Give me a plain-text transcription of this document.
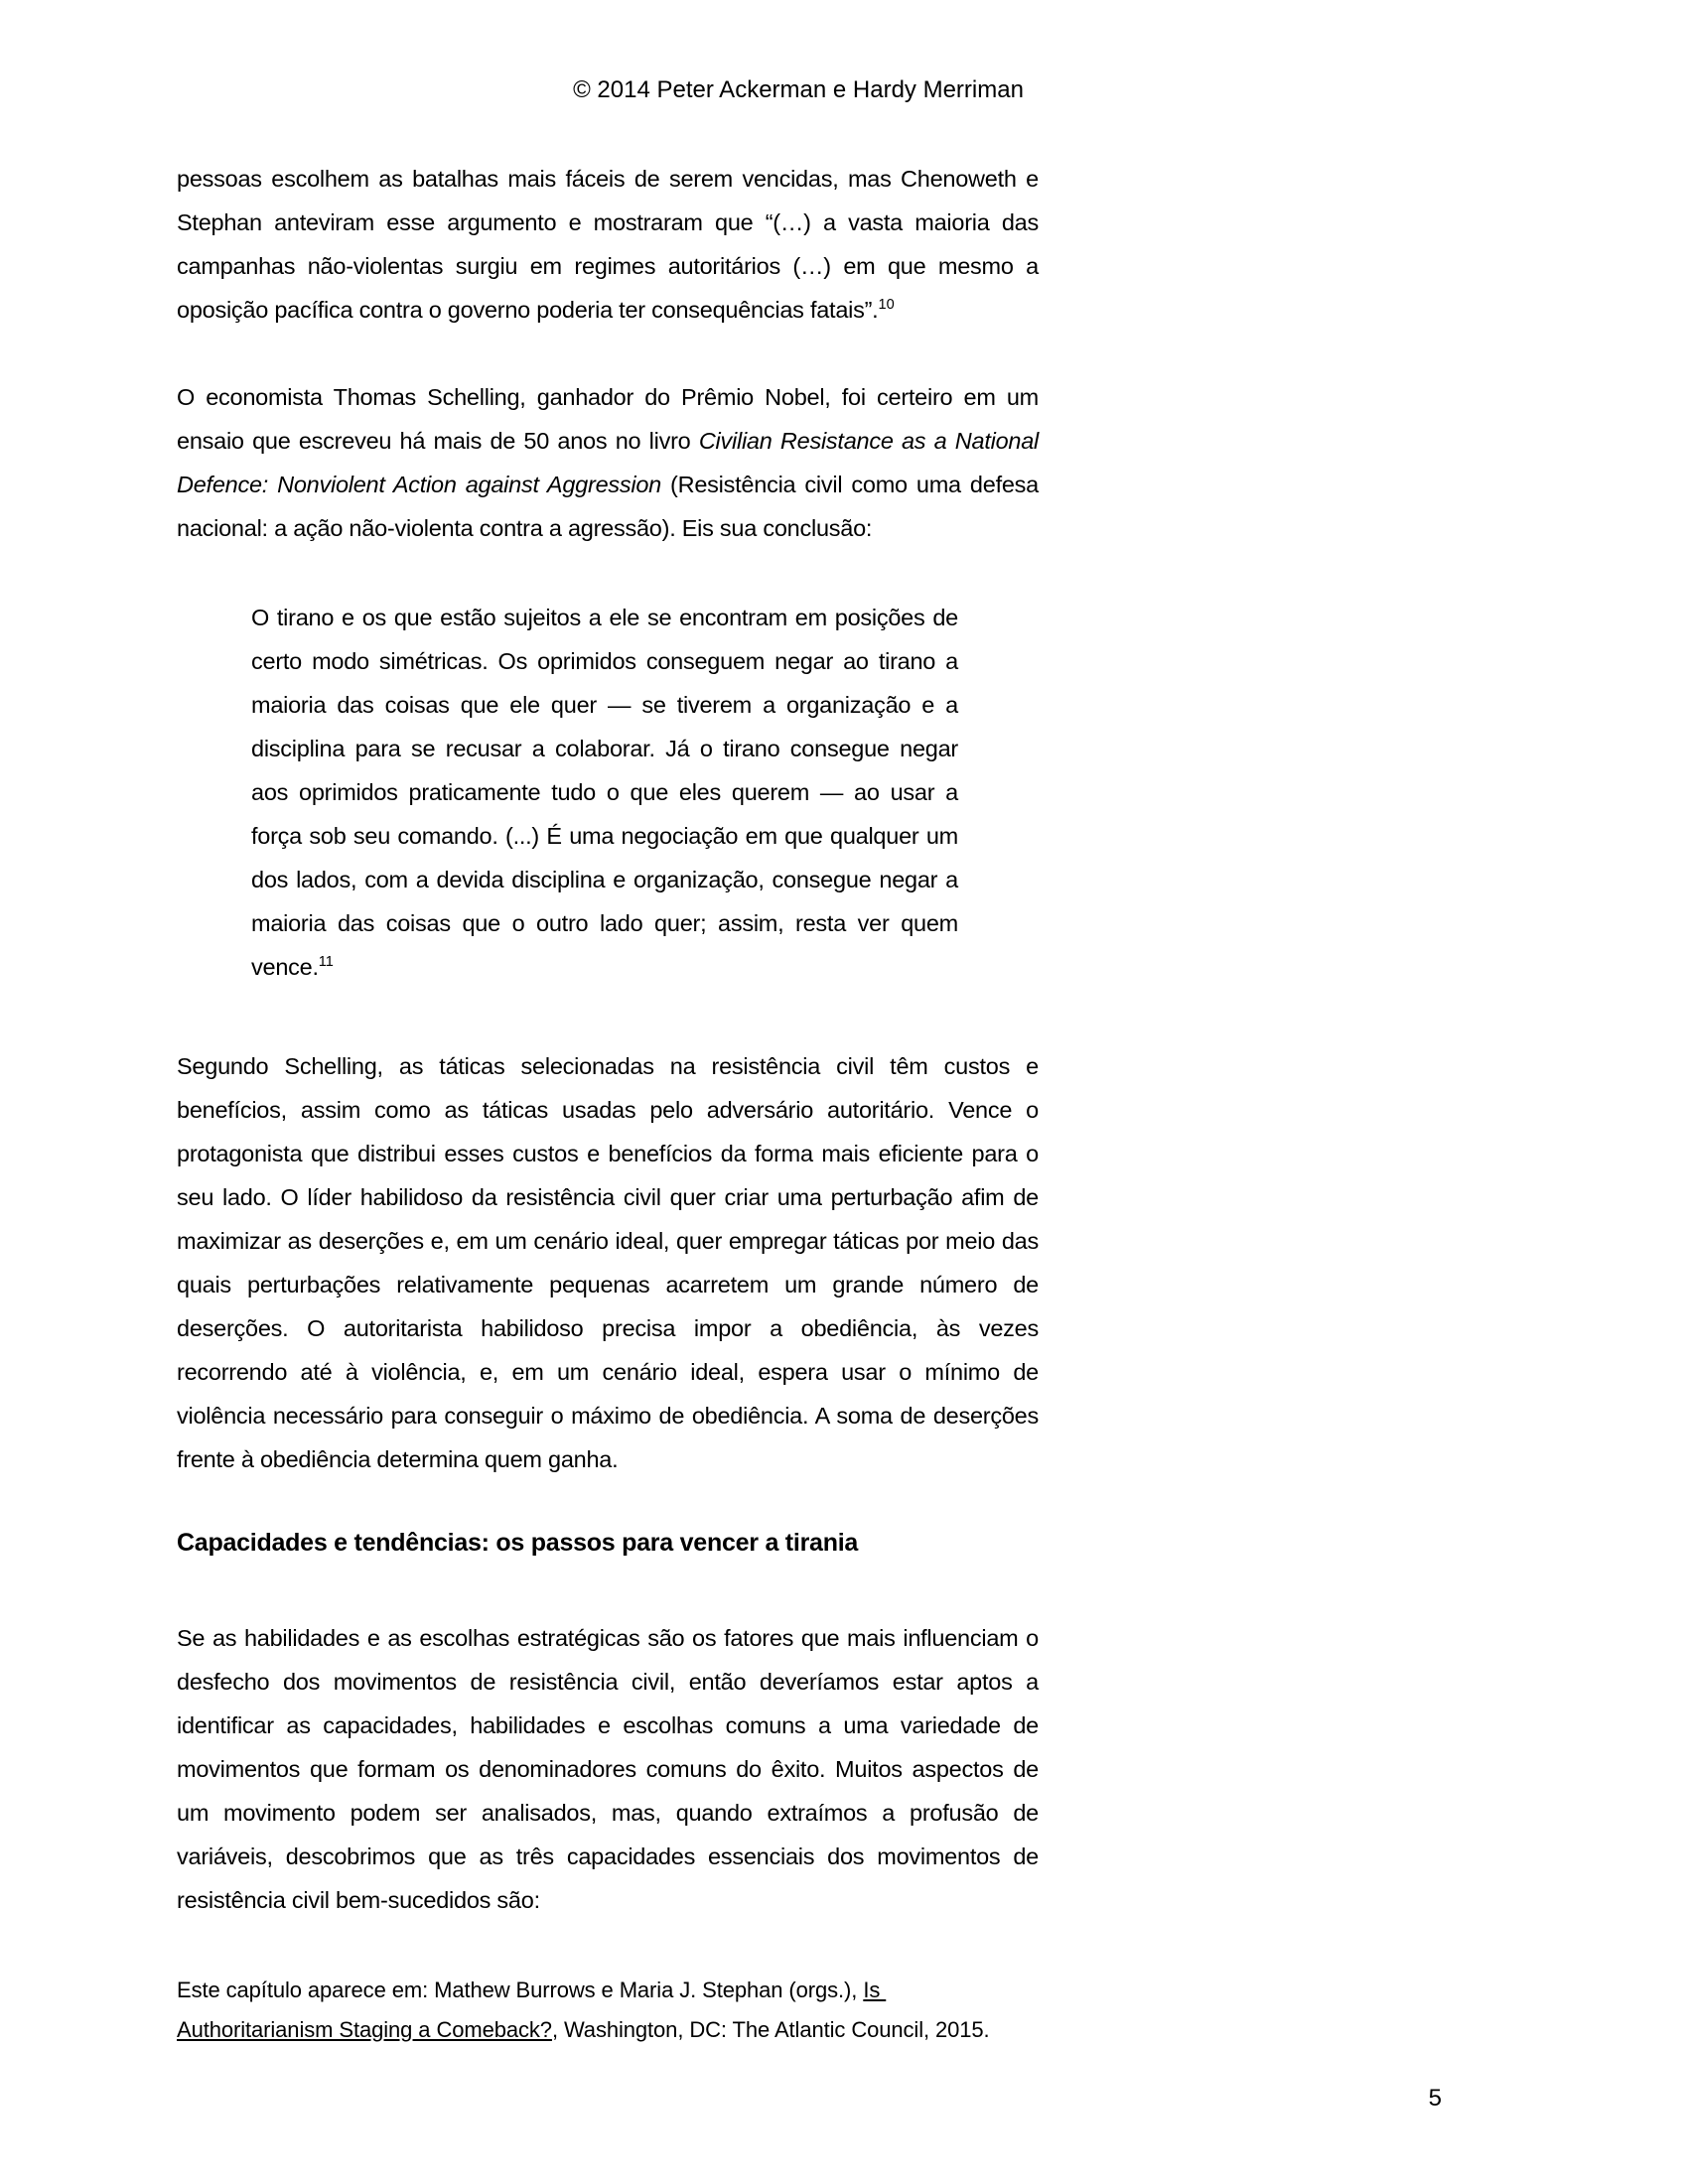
© 2014 Peter Ackerman e Hardy Merriman

pessoas escolhem as batalhas mais fáceis de serem vencidas, mas Chenoweth e Stephan anteviram esse argumento e mostraram que “(…) a vasta maioria das campanhas não-violentas surgiu em regimes autoritários (…) em que mesmo a oposição pacífica contra o governo poderia ter consequências fatais”.$^{10}$

O economista Thomas Schelling, ganhador do Prêmio Nobel, foi certeiro em um ensaio que escreveu há mais de 50 anos no livro Civilian Resistance as a National Defence: Nonviolent Action against Aggression (Resistência civil como uma defesa nacional: a ação não-violenta contra a agressão). Eis sua conclusão:

O tirano e os que estão sujeitos a ele se encontram em posições de certo modo simétricas. Os oprimidos conseguem negar ao tirano a maioria das coisas que ele quer — se tiverem a organização e a disciplina para se recusar a colaborar. Já o tirano consegue negar aos oprimidos praticamente tudo o que eles querem — ao usar a força sob seu comando. (...) É uma negociação em que qualquer um dos lados, com a devida disciplina e organização, consegue negar a maioria das coisas que o outro lado quer; assim, resta ver quem vence.$^{11}$

Segundo Schelling, as táticas selecionadas na resistência civil têm custos e benefícios, assim como as táticas usadas pelo adversário autoritário. Vence o protagonista que distribui esses custos e benefícios da forma mais eficiente para o seu lado. O líder habilidoso da resistência civil quer criar uma perturbação afim de maximizar as deserções e, em um cenário ideal, quer empregar táticas por meio das quais perturbações relativamente pequenas acarretem um grande número de deserções. O autoritarista habilidoso precisa impor a obediência, às vezes recorrendo até à violência, e, em um cenário ideal, espera usar o mínimo de violência necessário para conseguir o máximo de obediência. A soma de deserções frente à obediência determina quem ganha.

Capacidades e tendências: os passos para vencer a tirania

Se as habilidades e as escolhas estratégicas são os fatores que mais influenciam o desfecho dos movimentos de resistência civil, então deveríamos estar aptos a identificar as capacidades, habilidades e escolhas comuns a uma variedade de movimentos que formam os denominadores comuns do êxito. Muitos aspectos de um movimento podem ser analisados, mas, quando extraímos a profusão de variáveis, descobrimos que as três capacidades essenciais dos movimentos de resistência civil bem-sucedidos são:

Este capítulo aparece em: Mathew Burrows e Maria J. Stephan (orgs.), Is
Authoritarianism Staging a Comeback?, Washington, DC: The Atlantic Council, 2015.
5
